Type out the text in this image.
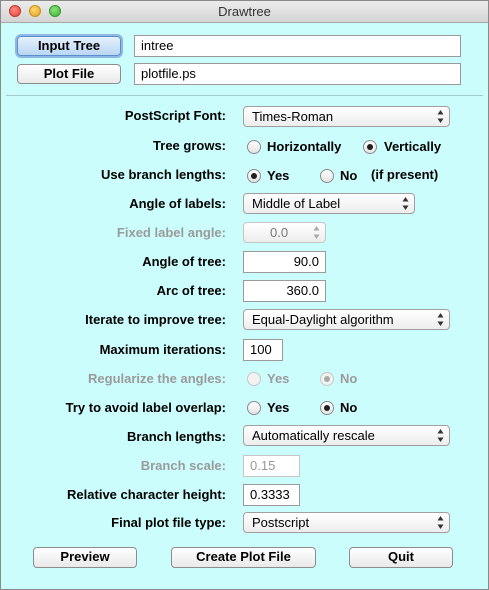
Drawtree
Input Tree	intree
Plot File	plotfile.ps
PostScript Font:	Times-Roman
Tree grows:	Horizontally	Vertically
Use branch lengths:	Yes	No (if present)
Angle of labels:	Middle of Label
Fixed label angle:	0.0
Angle of tree:	90.0
Arc of tree:	360.0
Iterate to improve tree:	Equal-Daylight algorithm
Maximum iterations:	100
Regularize the angles:	Yes	No
Try to avoid label overlap:	Yes	No
Branch lengths:	Automatically rescale
Branch scale:	0.15
Relative character height:	0.3333
Final plot file type:	Postscript
Preview	Create Plot File	Quit
